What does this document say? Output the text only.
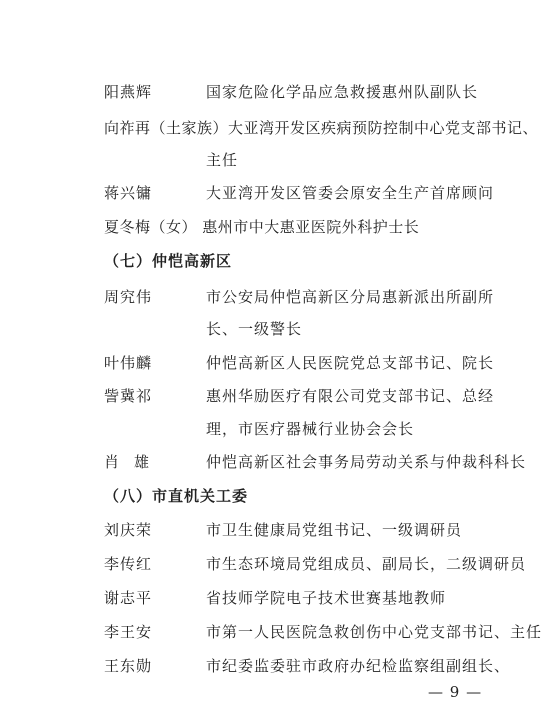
阳燕辉	国家危险化学品应急救援惠州队副队长
向祚再（土家族）大亚湾开发区疾病预防控制中心党支部书记、
主任
蒋兴镛	大亚湾开发区管委会原安全生产首席顾问
夏冬梅（女） 惠州市中大惠亚医院外科护士长
（七）仲恺高新区
周究伟	市公安局仲恺高新区分局惠新派出所副所
长、一级警长
叶伟麟	仲恺高新区人民医院党总支部书记、院长
訾冀祁	惠州华励医疗有限公司党支部书记、总经
理，市医疗器械行业协会会长
肖 雄	仲恺高新区社会事务局劳动关系与仲裁科科长
（八）市直机关工委
刘庆荣	市卫生健康局党组书记、一级调研员
李传红	市生态环境局党组成员、副局长，二级调研员
谢志平	省技师学院电子技术世赛基地教师
李王安	市第一人民医院急救创伤中心党支部书记、主任
王东勋	市纪委监委驻市政府办纪检监察组副组长、
— 9 —
